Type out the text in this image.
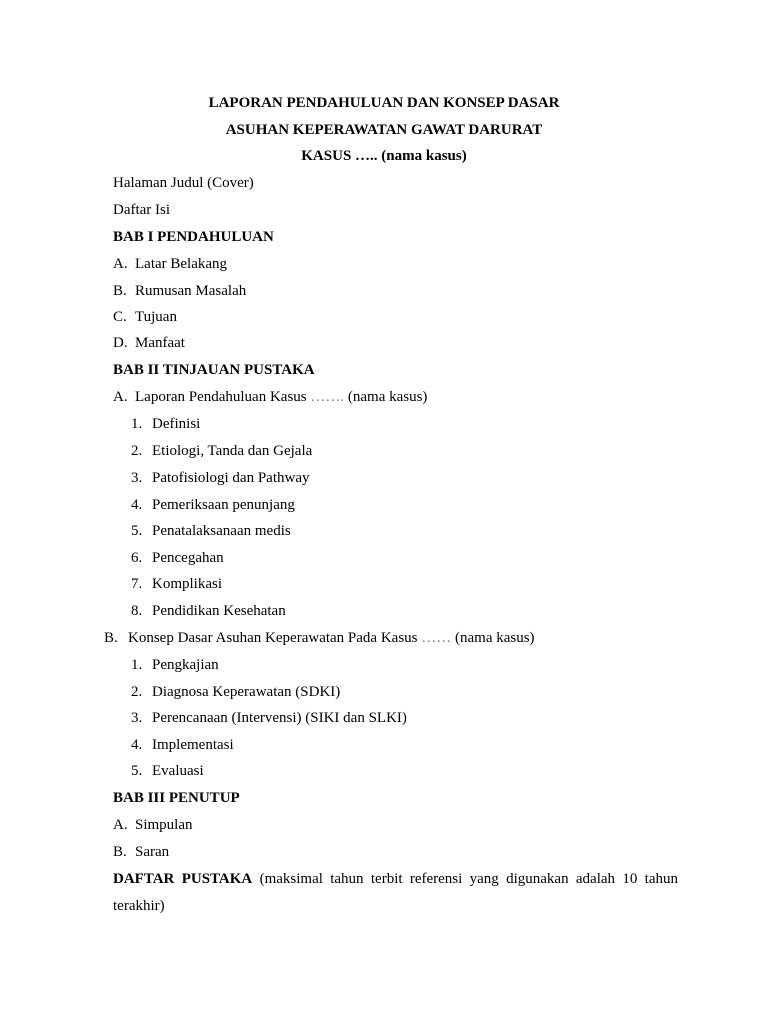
LAPORAN PENDAHULUAN DAN KONSEP DASAR
ASUHAN KEPERAWATAN GAWAT DARURAT
KASUS ….. (nama kasus)
Halaman Judul (Cover)
Daftar Isi
BAB I PENDAHULUAN
A. Latar Belakang
B. Rumusan Masalah
C. Tujuan
D. Manfaat
BAB II TINJAUAN PUSTAKA
A. Laporan Pendahuluan Kasus ……. (nama kasus)
1. Definisi
2. Etiologi, Tanda dan Gejala
3. Patofisiologi dan Pathway
4. Pemeriksaan penunjang
5. Penatalaksanaan medis
6. Pencegahan
7. Komplikasi
8. Pendidikan Kesehatan
B. Konsep Dasar Asuhan Keperawatan Pada Kasus …… (nama kasus)
1. Pengkajian
2. Diagnosa Keperawatan (SDKI)
3. Perencanaan (Intervensi) (SIKI dan SLKI)
4. Implementasi
5. Evaluasi
BAB III PENUTUP
A. Simpulan
B. Saran
DAFTAR PUSTAKA (maksimal tahun terbit referensi yang digunakan adalah 10 tahun
terakhir)
